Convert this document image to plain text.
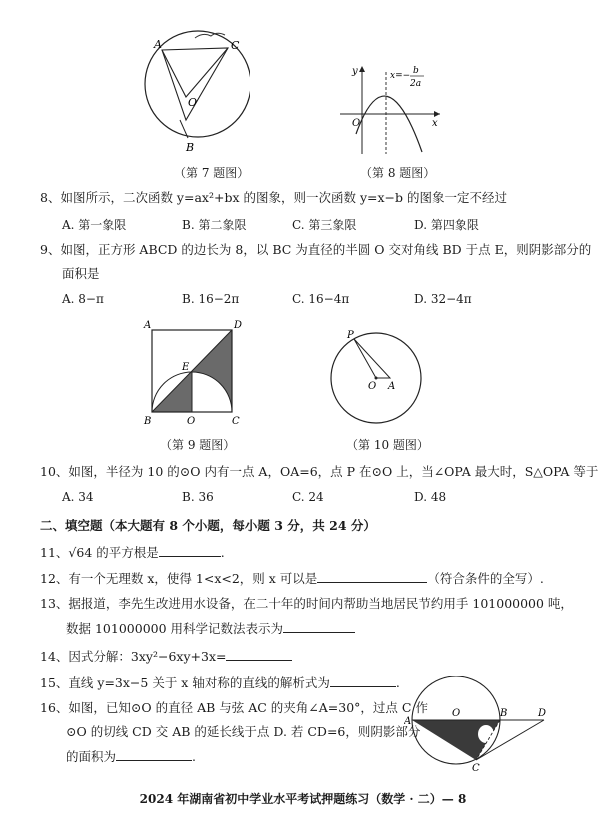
A	C
O
B
（第 7 题图）
y
x
O
x=− b
2a
（第 8 题图）
8、如图所示，二次函数 y=ax²+bx 的图象，则一次函数 y=x−b 的图象一定不经过
A. 第一象限	B. 第二象限	C. 第三象限	D. 第四象限
9、如图，正方形 ABCD 的边长为 8，以 BC 为直径的半圆 O 交对角线 BD 于点 E，则阴影部分的
面积是
A. 8−π	B. 16−2π	C. 16−4π	D. 32−4π
A	D
E
B	O	C
（第 9 题图）
P
O A
（第 10 题图）
10、如图，半径为 10 的⊙O 内有一点 A，OA=6，点 P 在⊙O 上，当∠OPA 最大时，S△OPA 等于
A. 34	B. 36	C. 24	D. 48
二、填空题（本大题有 8 个小题，每小题 3 分，共 24 分）
11、√64 的平方根是	.
12、有一个无理数 x，使得 1<x<2，则 x 可以是	（符合条件的全写）.
13、据报道，李先生改进用水设备，在二十年的时间内帮助当地居民节约用手 101000000 吨，
数据 101000000 用科学记数法表示为
14、因式分解：3xy²−6xy+3x=
15、直线 y=3x−5 关于 x 轴对称的直线的解析式为	.
16、如图，已知⊙O 的直径 AB 与弦 AC 的夹角∠A=30°，过点 C 作
⊙O 的切线 CD 交 AB 的延长线于点 D. 若 CD=6，则阴影部分
的面积为	.
A
O	B	D
C
2024 年湖南省初中学业水平考试押题练习（数学 · 二）— 8
